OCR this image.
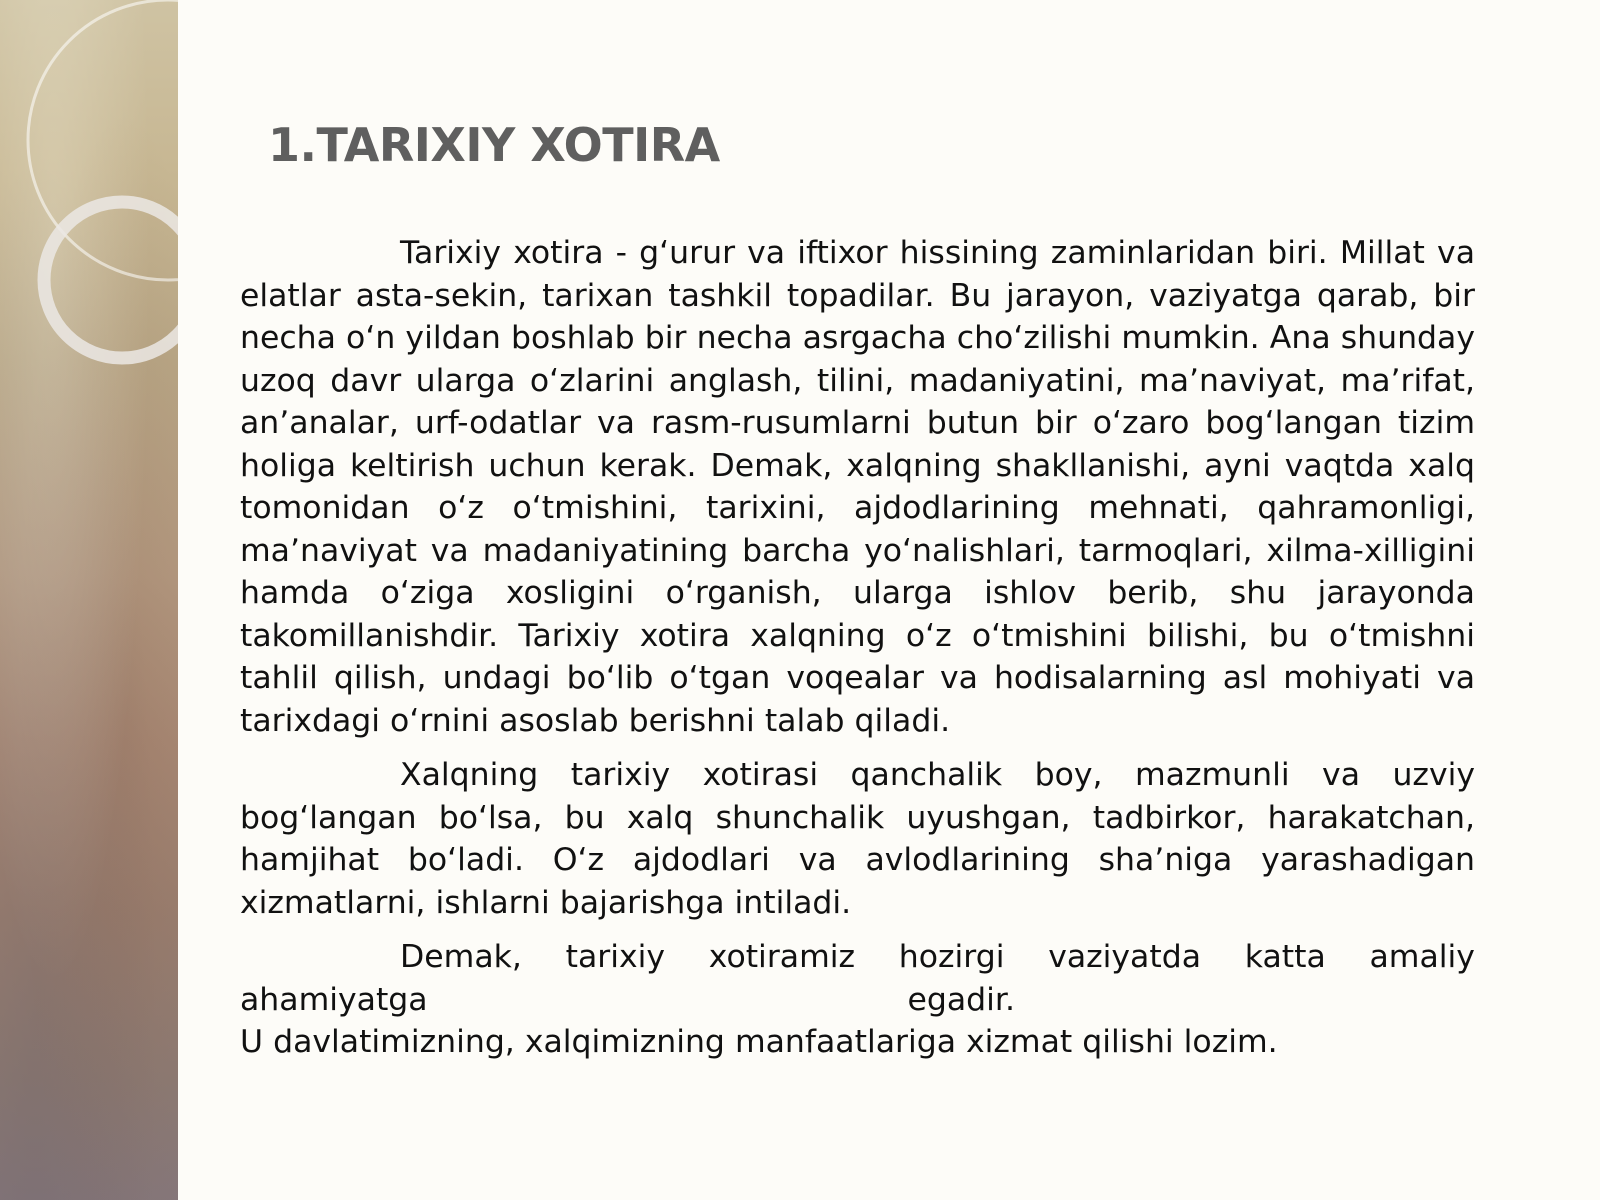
1.TARIXIY XOTIRA

Tarixiy xotira - g‘urur va iftixor hissining zaminlaridan biri. Millat va elatlar asta-sekin, tarixan tashkil topadilar. Bu jarayon, vaziyatga qarab, bir necha o‘n yildan boshlab bir necha asrgacha cho‘zilishi mumkin. Ana shunday uzoq davr ularga o‘zlarini anglash, tilini, madaniyatini, ma’naviyat, ma’rifat, an’analar, urf-odatlar va rasm-rusumlarni butun bir o‘zaro bog‘langan tizim holiga keltirish uchun kerak. Demak, xalqning shakllanishi, ayni vaqtda xalq tomonidan o‘z o‘tmishini, tarixini, ajdodlarining mehnati, qahramonligi, ma’naviyat va madaniyatining barcha yo‘nalishlari, tarmoqlari, xilma-xilligini hamda o‘ziga xosligini o‘rganish, ularga ishlov berib, shu jarayonda takomillanishdir. Tarixiy xotira xalqning o‘z o‘tmishini bilishi, bu o‘tmishni tahlil qilish, undagi bo‘lib o‘tgan voqealar va hodisalarning asl mohiyati va tarixdagi o‘rnini asoslab berishni talab qiladi.

Xalqning tarixiy xotirasi qanchalik boy, mazmunli va uzviy bog‘langan bo‘lsa, bu xalq shunchalik uyushgan, tadbirkor, harakatchan, hamjihat bo‘ladi. O‘z ajdodlari va avlodlarining sha’niga yarashadigan xizmatlarni, ishlarni bajarishga intiladi.

Demak, tarixiy xotiramiz hozirgi vaziyatda katta amaliy
ahamiyatga	egadir.
U davlatimizning, xalqimizning manfaatlariga xizmat qilishi lozim.
